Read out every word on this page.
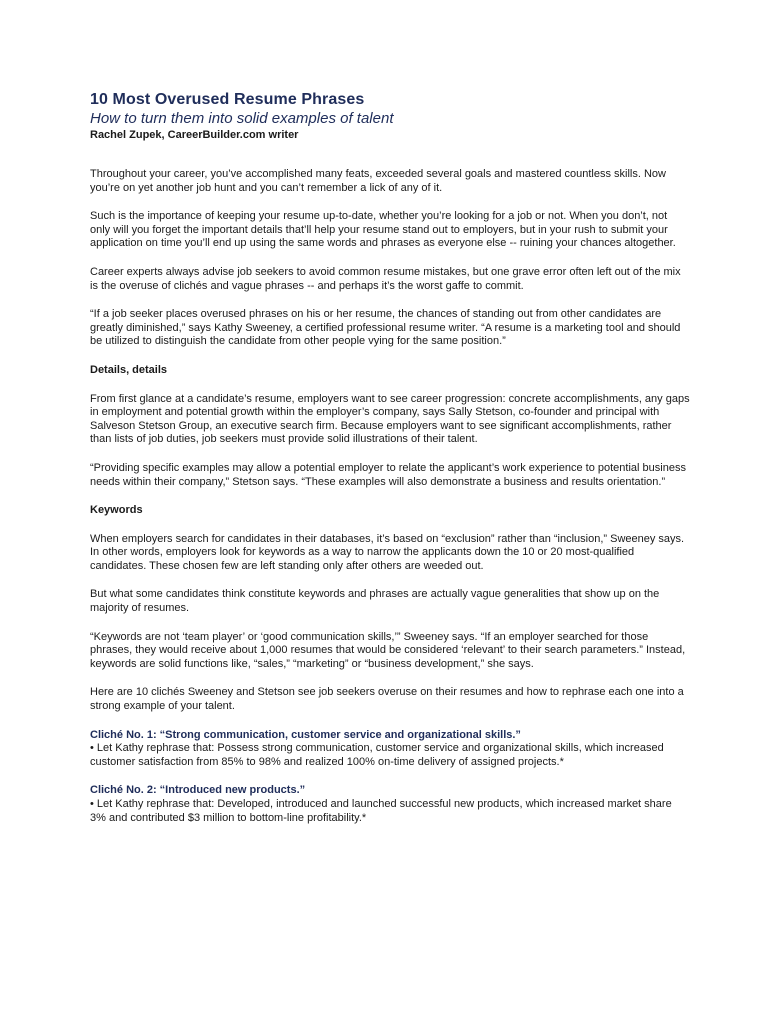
10 Most Overused Resume Phrases

How to turn them into solid examples of talent

Rachel Zupek, CareerBuilder.com writer

Throughout your career, you’ve accomplished many feats, exceeded several goals and mastered countless skills. Now you’re on yet another job hunt and you can’t remember a lick of any of it.

Such is the importance of keeping your resume up-to-date, whether you’re looking for a job or not. When you don’t, not only will you forget the important details that’ll help your resume stand out to employers, but in your rush to submit your application on time you’ll end up using the same words and phrases as everyone else -- ruining your chances altogether.

Career experts always advise job seekers to avoid common resume mistakes, but one grave error often left out of the mix is the overuse of clichés and vague phrases -- and perhaps it’s the worst gaffe to commit.

“If a job seeker places overused phrases on his or her resume, the chances of standing out from other candidates are greatly diminished,” says Kathy Sweeney, a certified professional resume writer. “A resume is a marketing tool and should be utilized to distinguish the candidate from other people vying for the same position.”

Details, details

From first glance at a candidate’s resume, employers want to see career progression: concrete accomplishments, any gaps in employment and potential growth within the employer’s company, says Sally Stetson, co-founder and principal with Salveson Stetson Group, an executive search firm. Because employers want to see significant accomplishments, rather than lists of job duties, job seekers must provide solid illustrations of their talent.

“Providing specific examples may allow a potential employer to relate the applicant’s work experience to potential business needs within their company,” Stetson says. “These examples will also demonstrate a business and results orientation.”

Keywords

When employers search for candidates in their databases, it’s based on “exclusion” rather than “inclusion,” Sweeney says. In other words, employers look for keywords as a way to narrow the applicants down the 10 or 20 most-qualified candidates. These chosen few are left standing only after others are weeded out.

But what some candidates think constitute keywords and phrases are actually vague generalities that show up on the majority of resumes.

“Keywords are not ‘team player’ or ‘good communication skills,’” Sweeney says. “If an employer searched for those phrases, they would receive about 1,000 resumes that would be considered ‘relevant’ to their search parameters.” Instead, keywords are solid functions like, “sales,” “marketing” or “business development,” she says.

Here are 10 clichés Sweeney and Stetson see job seekers overuse on their resumes and how to rephrase each one into a strong example of your talent.

Cliché No. 1: “Strong communication, customer service and organizational skills.”

• Let Kathy rephrase that: Possess strong communication, customer service and organizational skills, which increased customer satisfaction from 85% to 98% and realized 100% on-time delivery of assigned projects.*

Cliché No. 2: “Introduced new products.”

• Let Kathy rephrase that: Developed, introduced and launched successful new products, which increased market share 3% and contributed $3 million to bottom-line profitability.*
